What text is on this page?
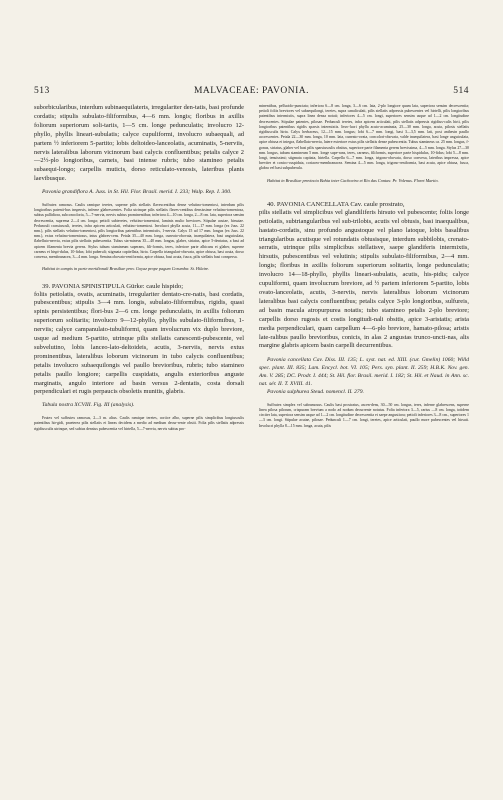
513	MALVACEAE: PAVONIA.	514

suborbicularibus, interdum subinaequilateris, irregulariter den-tatis, basi profunde cordatis; stipulis subulato-filiformibus, 4—6 mm. longis; floribus in axillis foliorum superiorum soli-tariis, 1—5 cm. longe pedunculatis; involucro 12-phyllo, phyllis lineari-subulatis; calyce cupuliformi, involucro subaequali, ad partem ½ inferiorem 5-partito; lobis deltoideo-lanceolatis, acuminatis, 5-nerviis, nervis lateralibus laborum vicinorum basi calycis confluentibus; petalis calyce 2—2½-plo longioribus, carneis, basi intense rubris; tubo staminео petalis subaequi-longo; carpellis muticis, dorso reticulato-venosis, lateribus planis laevibusque.

Pavonia grandiflora A. Juss. in St. Hil. Flor. Brasil. merid. I. 233; Walp. Rep. I. 300.

Suffrutex ramosus. Caulis ramique teretes, superne pilis stellatis flavescentibus densе velutino-tomentosi, interdum pilis longioribus patenti-bus inspersis, inferne glabrescentes. Folia utrinque pilis stellatis flaves-centibus densissime velutino-tomentosa, subtus pallidiora, subconcoloria, 5—7-nervia, nervis subtus prominentibus; inferiora 4—10 cm. longa, 2—8 cm. lata, superiora sensim decrescentia, suprema 2—4 cm. longa; petioli subteretes, velutino-tomentosi, laminis multo breviores. Stipulae acutae, hirsutae. Pedunculi crassiusculi, teretes, infra apicem articulati, velutino-tomentosi. Involucri phylla acuta, 11—17 mm. longa (ex Juss. 22 mm.), pilis stellatis velutino-tomentosi, pilis longioribus patentibus intermixtis, 1-nervia. Calyx 15 ad 17 mm. longus (ex Juss. 22 mm.), extus velutino-tomentosus, intus glabres-cens. Petala 35—40 mm. longa, cuneato-obovata, inaequilatera, basi unguiculata, flabellato-nervia, extus pilis stellatis pubescentia. Tubus sta-mineus 35—40 mm. longus, glaber, striatus, apice 5-dentatus, a basi ad apicem filamenta brevia gerens. Stylus tubum staminеum superans, fili-formis, teres, inferiore parte albicans et glaber, superne carneus et hispi-dulus, 10-fidus; lobi puberuli; stigmata capitellata, hirta. Carpella triangulari-obovata, apice obtusa, basi acuta, dorso convexa, membranacea, 3—4 mm. longa. Semina obovato-reniformia, apice obtusa, basi acuta, fusca, pilis stellatis basi conspersa.

Habitat in campis in parte meridionali Brasiliae prov. Goyaz prope pagum Corumba: St. Hilaire.

39. PAVONIA SPINISTIPULA Gürke: caule hispido;

foliis petiolatis, ovatis, acuminatis, irregulariter dentato-cre-natis, basi cordatis, pubescentibus; stipulis 3—4 mm. longis, subulato-filiformibus, rigidis, quasi spinis persistentibus; flori-bus 2—6 cm. longe pedunculatis, in axillis foliorum superiorum solitariis; involucro 9—12-phyllo, phyllis subulato-filiformibus, 1-nerviis; calyce campanulato-tubuliformi, quam involucrum vix duplo breviore, usque ad medium 5-partito, utrinque pilis stellatis canescenti-pubescente, vel subvelutino, lobis lanceo-lato-deltoideis, acutis, 3-nerviis, nervis extus prominentibus, lateralibus loborum vicinorum in tubo calycis confluentibus; petalis involucro subaequilongis vel paullo brevioribus, rubris; tubo stamineo petalis paullo longiore; carpellis cuspidatis, angulis exterioribus anguste marginatis, angulo interiore ad basin versus 2-dentatis, costa dorsali perpendiculari et rugis perpaucis obsoletis munitis, glabris.

Tabula nostra XCVIII. Fig. III (analysis).

Frutex vel suffrutex ramosus, 2—3 m. altus. Caulis ramique teretes, cortice albo, superne pilis simplicibus longiusculis patentibus hir-gidi, praeterea pilis stellatis et lineas decidens a medio ad medium decur-rente obsiti. Folia pilis stellatis adpressis rigidiusculis utrinque, sed subtus densius pubescentia vel hirtella, 5—7-nervia, nervis subtus pro-

minentibus, pellucido-punctata; inferiora 6—8 cm. longa, 3—6 cm. lata, 2-plo longiore quam lata, superiora sensim decrescentia; petioli foliis breviores vel subaequilongi, teretes, supra canaliculati, pilis stellatis adpressis pubescentes vel hirtelli, pilis longioribus patentibus intermixtis, supra lineа densа notati; inferiores 4—5 cm. longi, superiores sensim usque ad 1—2 cm. longitudine decrescentes. Stipulae patentes, pilosae. Pedunculi teretes, infra apicem articulati, pilis stellatis adpressis rigidius-culis hirti, pilis longioribus patentibus rigidis sparsis intermixtis. Invo-lucri phylla acuto-acuminata, 25—30 mm. longa, acuta, pilosis stellatis rigidiusculis hirta. Calyx herbaceus, 12—15 mm. longus; lobi 6—7 mm. longi, basi 3—3,5 mm. lati, post anthesin paullo accrescentes. Petala 22—30 mm. longa, 10 mm. lata, cuneato-ovata, concolori-obovata, valde inaequilatera, basi longe unguiculata, apice obtusa et integra, flabellato-nervia, latere exteriore extus pilis stellatis dense pubescentia. Tubus staminеus ca. 25 mm. longus, f-gonus, striatus, glaber vel basi pilis sparsiusculis obsitus, superiore parte filamenta gerens brevissima, 4—5 mm. longa. Stylus 27—30 mm. longus, tubum staminеum 5 mm. longe supe-rans, teres, carneus, filiformis, superiore parte hispidulus, 10-fidus; lobi 5—8 mm. longi, tenuissimi; stigmata capitata, hirtella. Carpella 6—7 mm. longa, trigono-obovata, dorso convexa, lateribus impressa, apice breviter et conico-cuspidata, coriaceo-membranacea. Semina 4—5 mm. longa, trigono-reniformia, basi acuta, apice obtusa, fusca, glabra vel basi subpuberula.

Habitat in Brasiliae provincia Bahia inter Cachoeira et Rio das Contas: Pr. Volenus. Floret Martio.

40. PAVONIA CANCELLATA Cav. caule prostrato,

pilis stellatis vel simplicibus vel glandiliferis hirsuto vel pubescente; foliis longe petiolatis, subtriangularibus vel sub-trilobis, acutis vel obtusis, basi inaequalibus, hastato-cordatis, sinu profundo angustoque vel plano latoque, lobis basalibus triangularibus acutisque vel rotundatis obtusisque, interdum subbilobis, crenato-serratis, utrinque pilis simplicibus stellatisve, saepe glandiferis intermixtis, hirsutis, pubescentibus vel velutinis; stipulis subulato-filiformibus, 2—4 mm. longis; floribus in axillis foliorum superiorum solitariis, longe pedunculatis; involucro 14—18-phyllo, phyllis lineari-subulatis, acutis, his-pidis; calyce cupuliformi, quam involucrum breviore, ad ½ partem inferiorem 5-partito, lobis ovato-lanceolatis, acutis, 3-nerviis, nervis lateralibus loborum vicinorum lateralibus basi calycis confluentibus; petalis calyce 3-plo longioribus, sulfureis, ad basin macula atropurpurea notatis; tubo staminео petalis 2-plo breviore; carpellis dorso rugosis et costis longitudi-nali obsitis, apice 3-aristatis; arista media perpendiculari, quam carpellum 4—6-plo breviore, hamato-pilosa; aristis late-ralibus paullo brevioribus, conicis, in alas 2 angustas trunco-uncti-nas, alis marginе glabris apicem basin carpelli decurrentibus.

Pavonia cancellata Cav. Diss. III. 135; L. syst. nat. ed. XIII. (cur. Gmelin) 1060; Willd spec. plant. III. 835; Lam. Encycl. bot. VI. 105; Pers. syn. plant. II. 259; H.B.K. Nov. gen. Am. V. 285; DC. Prodr. I. 444; St. Hil. flor. Brasil. merid. I. 182; St. Hil. et Naud. in Ann. sc. nat. sér. II. T. XVIII. 41.

Pavonia sulphurea Steud. nomencl. II. 279.

Suffrutex simplex vel subramosus. Caulis basi prostratus, ascen-dens, 30—50 cm. longus, teres, inferne glabrescens, superne lineа pilosa pilorum, crispuram brevium a nodo ad nodum decurrente notatus. Folia inferiora 3—5, rarius —8 cm. longa, totidem circiter lata, superiora sensim usque ad 1—2 cm. longitudine decrescentia et saepe angustiora; petioli inferiores 3—8 cm., superiores 1—3 cm. longi. Stipulae acutae, pilosae. Pedunculi 1—7 cm. longi, teretes, apice articulati, paullo more pubescentes vel hirsuti. Involucri phylla 8—15 mm. longa, acuta, pilis
